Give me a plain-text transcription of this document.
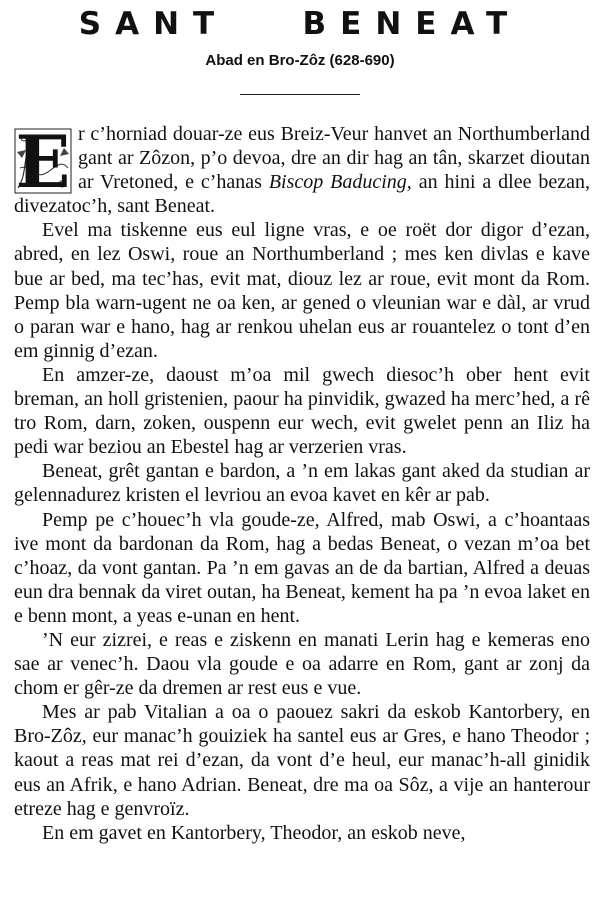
SANT   BENEAT
Abad en Bro-Zôz (628-690)

E r c’horniad douar-ze eus Breiz-Veur hanvet an Northumberland gant ar Zôzon, p’o devoa, dre an dir hag an tân, skarzet dioutan ar Vretoned, e c’hanas Biscop Baducing, an hini a dlee bezan, divezatoc’h, sant Beneat.

Evel ma tiskenne eus eul ligne vras, e oe roët dor digor d’ezan, abred, en lez Oswi, roue an Northumberland ; mes ken divlas e kave bue ar bed, ma tec’has, evit mat, diouz lez ar roue, evit mont da Rom. Pemp bla warn-ugent ne oa ken, ar gened o vleunian war e dàl, ar vrud o paran war e hano, hag ar renkou uhelan eus ar rouantelez o tont d’en em ginnig d’ezan.

En amzer-ze, daoust m’oa mil gwech diesoc’h ober hent evit breman, an holl gristenien, paour ha pinvidik, gwazed ha merc’hed, a rê tro Rom, darn, zoken, ouspenn eur wech, evit gwelet penn an Iliz ha pedi war beziou an Ebestel hag ar verzerien vras.

Beneat, grêt gantan e bardon, a ’n em lakas gant aked da studian ar gelennadurez kristen el levriou an evoa kavet en kêr ar pab.

Pemp pe c’houec’h vla goude-ze, Alfred, mab Oswi, a c’hoantaas ive mont da bardonan da Rom, hag a bedas Beneat, o vezan m’oa bet c’hoaz, da vont gantan. Pa ’n em gavas an de da bartian, Alfred a deuas eun dra bennak da viret outan, ha Beneat, kement ha pa ’n evoa laket en e benn mont, a yeas e-unan en hent.

’N eur zizrei, e reas e ziskenn en manati Lerin hag e kemeras eno sae ar venec’h. Daou vla goude e oa adarre en Rom, gant ar zonj da chom er gêr-ze da dremen ar rest eus e vue.

Mes ar pab Vitalian a oa o paouez sakri da eskob Kantorbery, en Bro-Zôz, eur manac’h gouiziek ha santel eus ar Gres, e hano Theodor ; kaout a reas mat rei d’ezan, da vont d’e heul, eur manac’h-all ginidik eus an Afrik, e hano Adrian. Beneat, dre ma oa Sôz, a vije an hanterour etreze hag e genvroïz.

En em gavet en Kantorbery, Theodor, an eskob neve,
